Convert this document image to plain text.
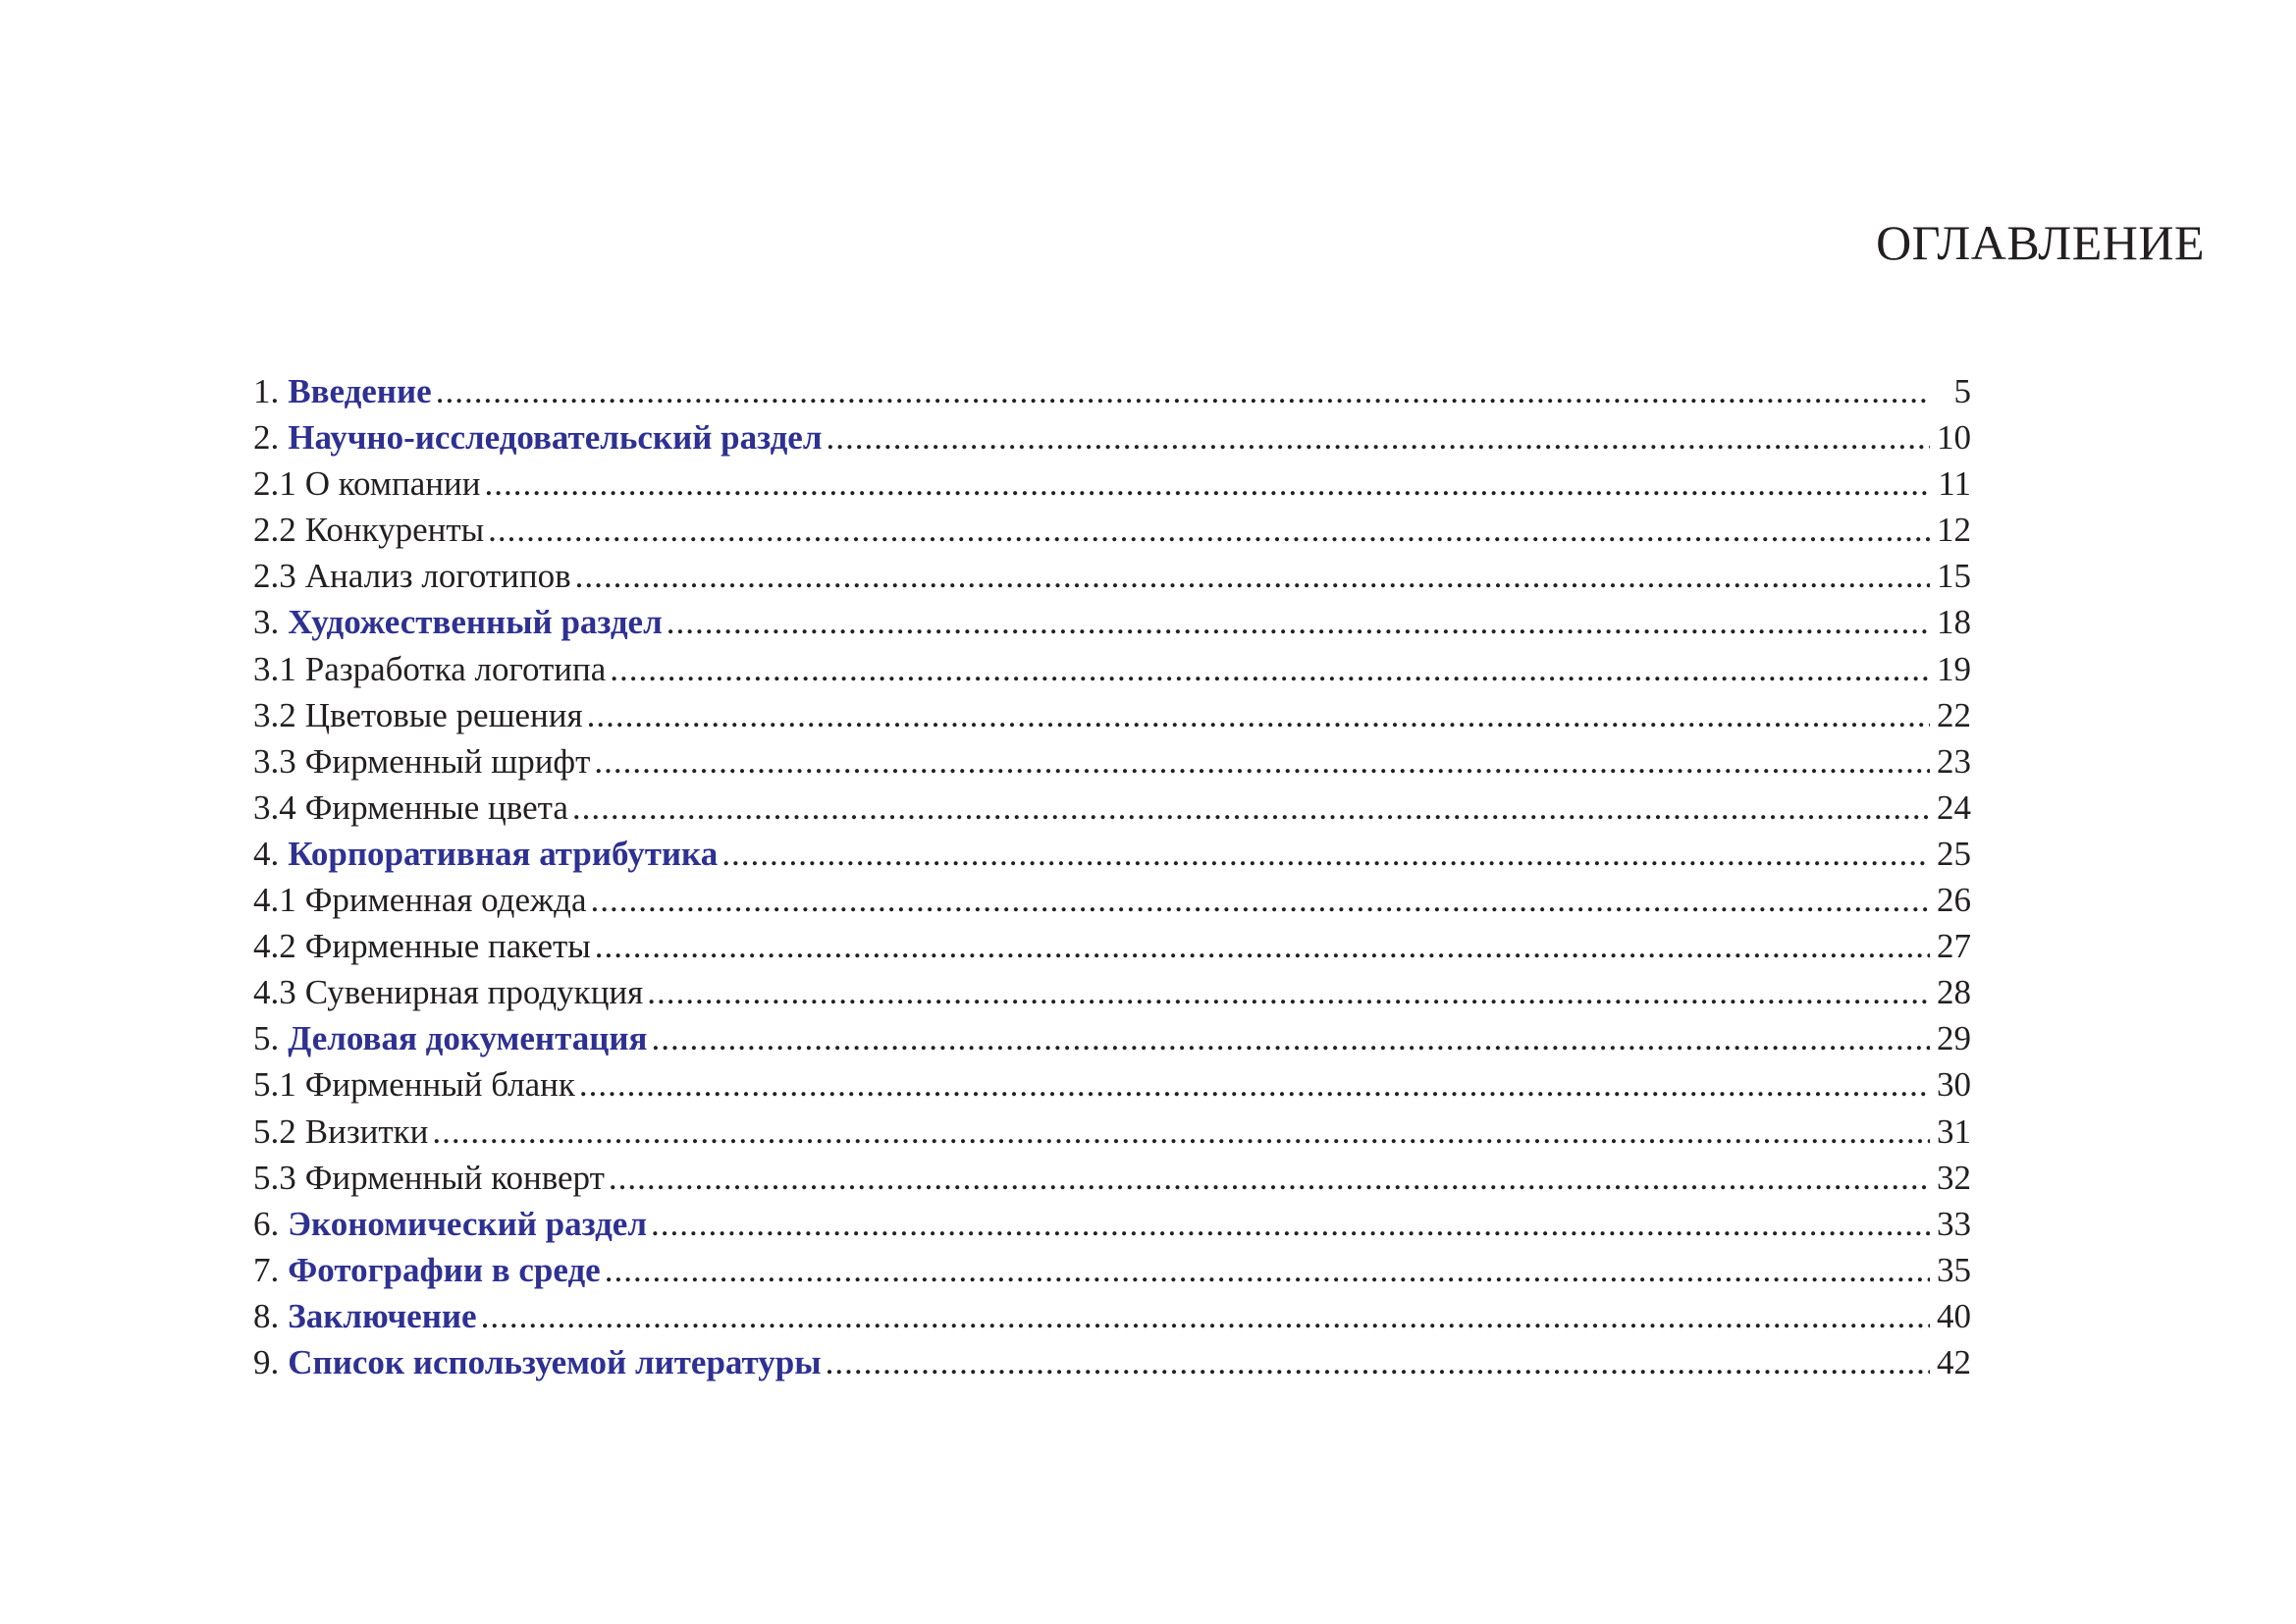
ОГЛАВЛЕНИЕ
1. Введение .....	5
2. Научно-исследовательский раздел .....	10
2.1 О компании .....	11
2.2 Конкуренты .....	12
2.3 Анализ логотипов .....	15
3. Художественный раздел .....	18
3.1 Разработка логотипа .....	19
3.2 Цветовые решения .....	22
3.3 Фирменный шрифт .....	23
3.4 Фирменные цвета .....	24
4. Корпоративная атрибутика .....	25
4.1 Фрименная одежда .....	26
4.2 Фирменные пакеты .....	27
4.3 Сувенирная продукция .....	28
5. Деловая документация .....	29
5.1 Фирменный бланк .....	30
5.2 Визитки .....	31
5.3 Фирменный конверт .....	32
6. Экономический раздел .....	33
7. Фотографии в среде .....	35
8. Заключение .....	40
9. Список используемой литературы .....	42
